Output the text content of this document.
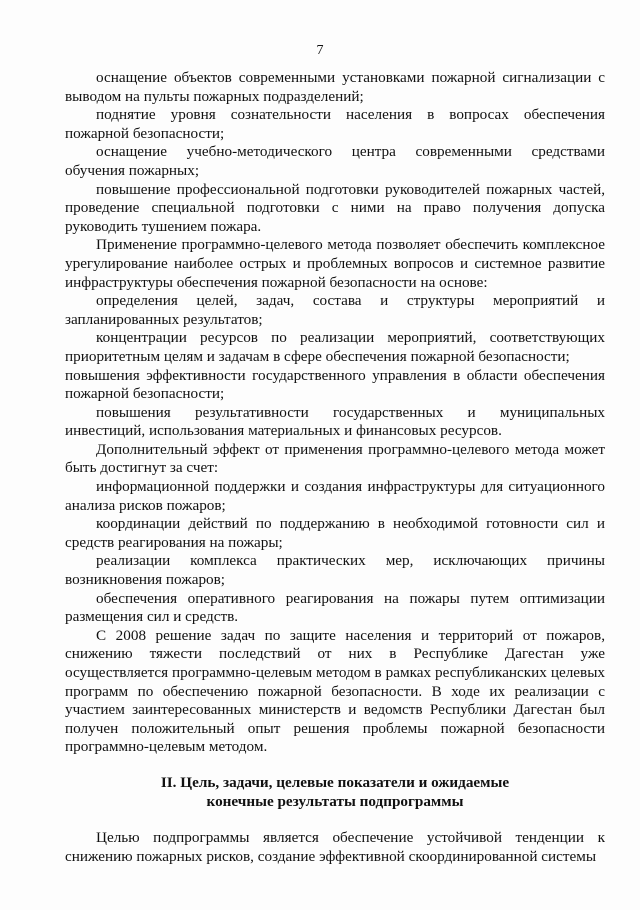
7

оснащение объектов современными установками пожарной сигнализации с выводом на пульты пожарных подразделений;

поднятие уровня сознательности населения в вопросах обеспечения пожарной безопасности;

оснащение учебно-методического центра современными средствами обучения пожарных;

повышение профессиональной подготовки руководителей пожарных частей, проведение специальной подготовки с ними на право получения допуска руководить тушением пожара.

Применение программно-целевого метода позволяет обеспечить комплексное урегулирование наиболее острых и проблемных вопросов и системное развитие инфраструктуры обеспечения пожарной безопасности на основе:

определения целей, задач, состава и структуры мероприятий и запланированных результатов;

концентрации ресурсов по реализации мероприятий, соответствующих приоритетным целям и задачам в сфере обеспечения пожарной безопасности;

повышения эффективности государственного управления в области обеспечения пожарной безопасности;

повышения результативности государственных и муниципальных инвестиций, использования материальных и финансовых ресурсов.

Дополнительный эффект от применения программно-целевого метода может быть достигнут за счет:

информационной поддержки и создания инфраструктуры для ситуационного анализа рисков пожаров;

координации действий по поддержанию в необходимой готовности сил и средств реагирования на пожары;

реализации комплекса практических мер, исключающих причины возникновения пожаров;

обеспечения оперативного реагирования на пожары путем оптимизации размещения сил и средств.

С 2008 решение задач по защите населения и территорий от пожаров, снижению тяжести последствий от них в Республике Дагестан уже осуществляется программно-целевым методом в рамках республиканских целевых программ по обеспечению пожарной безопасности. В ходе их реализации с участием заинтересованных министерств и ведомств Республики Дагестан был получен положительный опыт решения проблемы пожарной безопасности программно-целевым методом.

II. Цель, задачи, целевые показатели и ожидаемые
конечные результаты подпрограммы

Целью подпрограммы является обеспечение устойчивой тенденции к снижению пожарных рисков, создание эффективной скоординированной системы
